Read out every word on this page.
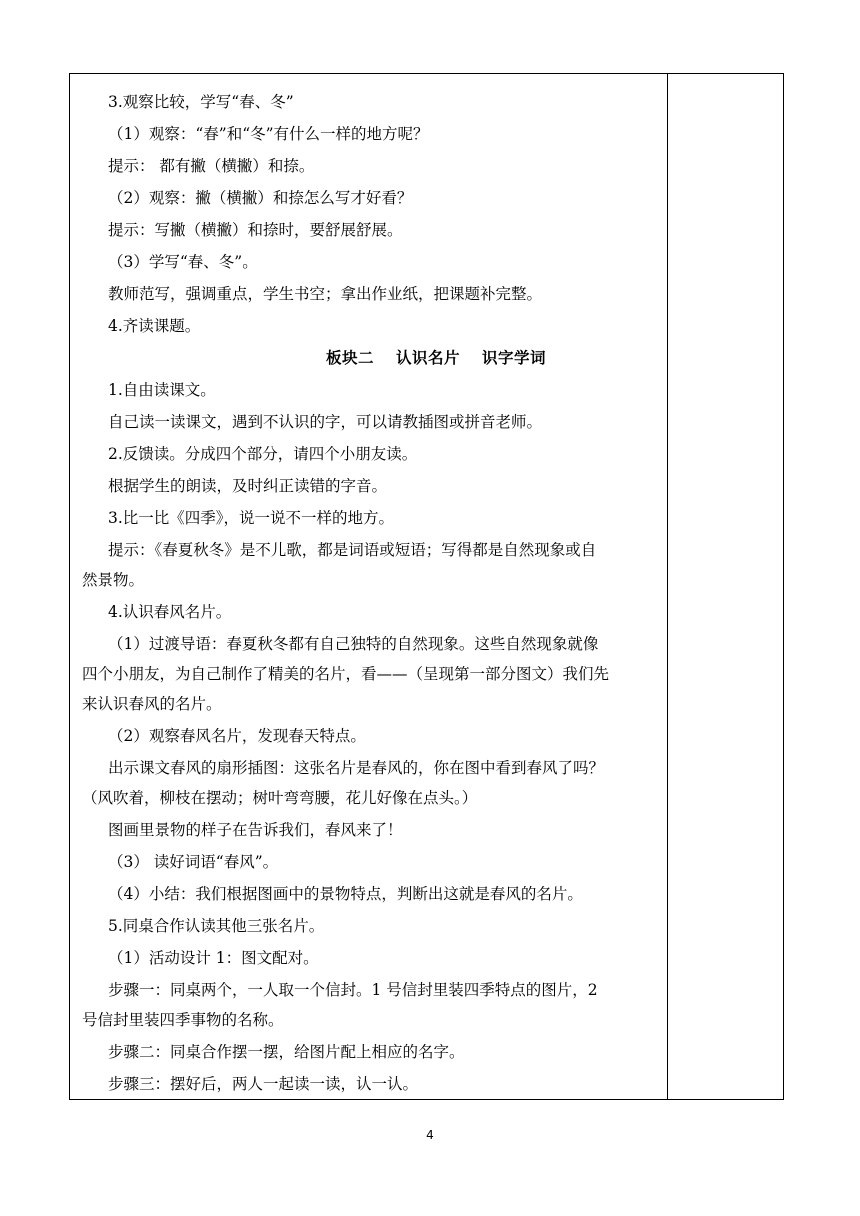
3.观察比较，学写“春、冬”
（1）观察：“春”和“冬”有什么一样的地方呢？
提示： 都有撇（横撇）和捺。
（2）观察：撇（横撇）和捺怎么写才好看？
提示：写撇（横撇）和捺时，要舒展舒展。
（3）学写“春、冬”。
教师范写，强调重点，学生书空；拿出作业纸，把课题补完整。
4.齐读课题。
板块二 认识名片 识字学词
1.自由读课文。
自己读一读课文，遇到不认识的字，可以请教插图或拼音老师。
2.反馈读。分成四个部分，请四个小朋友读。
根据学生的朗读，及时纠正读错的字音。
3.比一比《四季》，说一说不一样的地方。
提示：《春夏秋冬》是不儿歌，都是词语或短语；写得都是自然现象或自
然景物。
4.认识春风名片。
（1）过渡导语：春夏秋冬都有自己独特的自然现象。这些自然现象就像
四个小朋友，为自己制作了精美的名片，看——（呈现第一部分图文）我们先
来认识春风的名片。
（2）观察春风名片，发现春天特点。
出示课文春风的扇形插图：这张名片是春风的，你在图中看到春风了吗？
（风吹着，柳枝在摆动；树叶弯弯腰，花儿好像在点头。）
图画里景物的样子在告诉我们，春风来了！
（3） 读好词语“春风”。
（4）小结：我们根据图画中的景物特点，判断出这就是春风的名片。
5.同桌合作认读其他三张名片。
（1）活动设计 1：图文配对。
步骤一：同桌两个，一人取一个信封。1 号信封里装四季特点的图片，2
号信封里装四季事物的名称。
步骤二：同桌合作摆一摆，给图片配上相应的名字。
步骤三：摆好后，两人一起读一读，认一认。
4
